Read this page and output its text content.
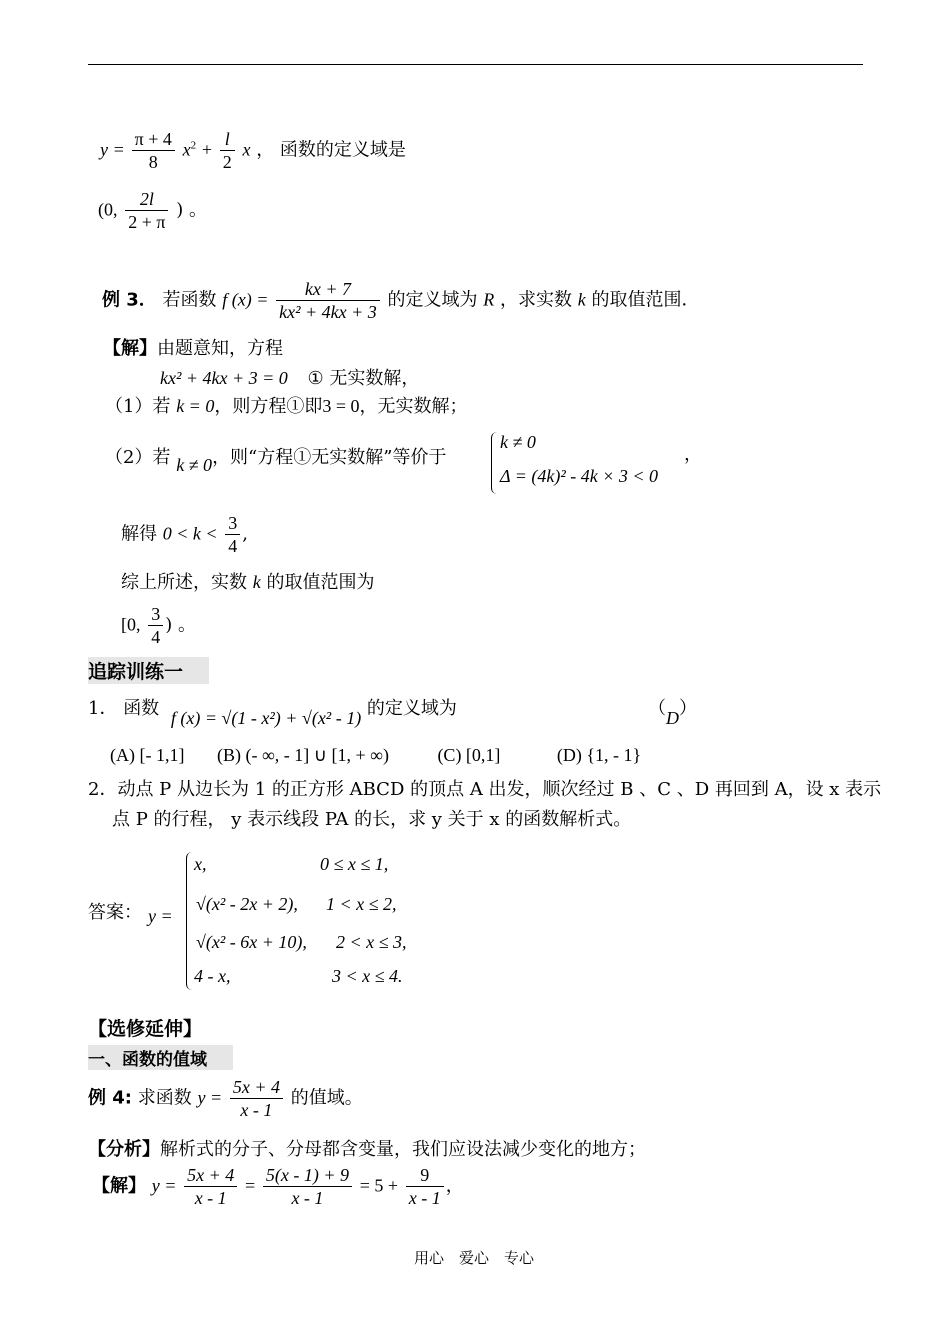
$y = \frac{\pi + 4}{8} x^2 + \frac{l}{2}$ x ， 函数的定义域是
(0, $\frac{2l}{2 + \pi}$ ) 。
例 3． 若函数 f $(x) = \frac{kx + 7}{\text{kx² + 4kx + 3}}$ 的定义域为 R ，求实数 k 的取值范围．
【解】由题意知，方程
kx² + 4kx + 3 = 0 ① 无实数解，
（1）若 k = 0，则方程①即3 = 0，无实数解；
（2）若 k ≠ 0，则“方程①无实数解”等价于
k ≠ 0
Δ = (4k)² - 4k × 3 < 0
，
解得 $0 < k < \frac{3}{4}$ ,
综上所述，实数 k 的取值范围为
[0, $\frac{3}{4}$ ) 。
追踪训练一
1． 函数 f (x) = √(1 - x²) + √(x² - 1) 的定义域为	（D）
(A) [- 1,1] (B) (- ∞, - 1] ∪ [1, + ∞)	(C) [0,1]	(D) {1, - 1}
2．动点 P 从边长为 1 的正方形 ABCD 的顶点 A 出发，顺次经过 B 、C 、D 再回到 A，设 x 表示
点 P 的行程， y 表示线段 PA 的长，求 y 关于 x 的函数解析式。
答案： y =
x,	0 ≤ x ≤ 1,
√(x² - 2x + 2), 1 < x ≤ 2,
√(x² - 6x + 10), 2 < x ≤ 3,
4 - x,	3 < x ≤ 4.
【选修延伸】
一、函数的值域
例 4: 求函数 $y = \frac{5x + 4}{x - 1}$ 的值域。
【分析】解析式的分子、分母都含变量，我们应设法减少变化的地方；
【解】 $y = \frac{5x + 4}{x - 1} = \frac{5(x - 1) + 9}{x - 1} = 5 + \frac{9}{x - 1}$ ，
用心　爱心　专心
